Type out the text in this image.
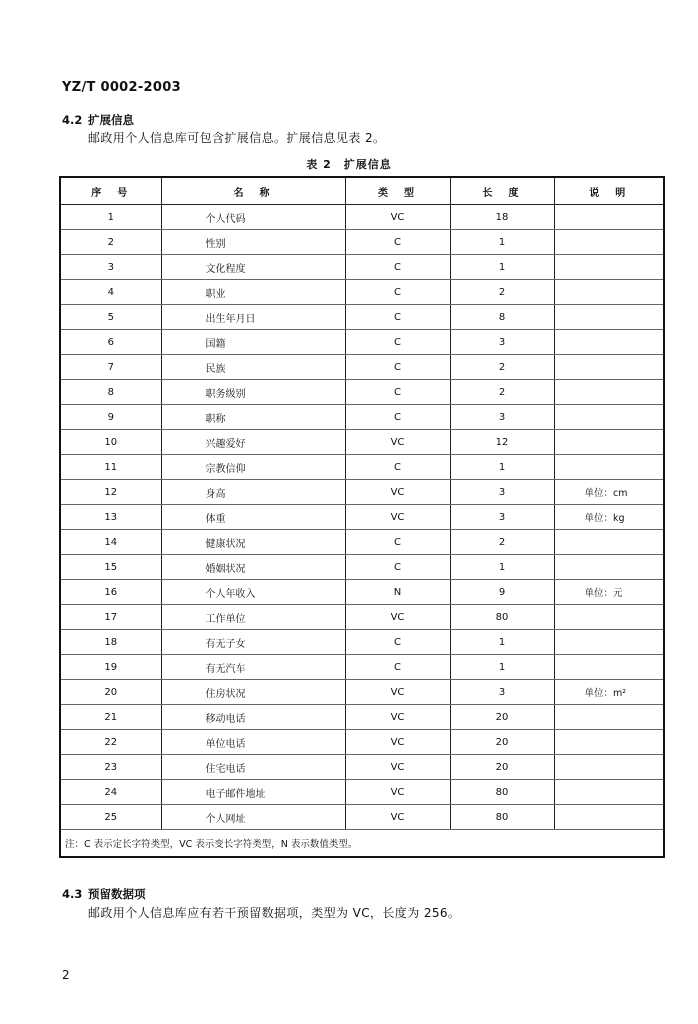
YZ/T 0002-2003
4.2 扩展信息
邮政用个人信息库可包含扩展信息。扩展信息见表 2。
表 2　扩展信息
序　号	名　称	类　型	长　度	说　明
1	个人代码	VC	18	
2	性别	C	1	
3	文化程度	C	1	
4	职业	C	2	
5	出生年月日	C	8	
6	国籍	C	3	
7	民族	C	2	
8	职务级别	C	2	
9	职称	C	3	
10	兴趣爱好	VC	12	
11	宗教信仰	C	1	
12	身高	VC	3	单位：cm
13	体重	VC	3	单位：kg
14	健康状况	C	2	
15	婚姻状况	C	1	
16	个人年收入	N	9	单位：元
17	工作单位	VC	80	
18	有无子女	C	1	
19	有无汽车	C	1	
20	住房状况	VC	3	单位：m²
21	移动电话	VC	20	
22	单位电话	VC	20	
23	住宅电话	VC	20	
24	电子邮件地址	VC	80	
25	个人网址	VC	80	
注：C 表示定长字符类型，VC 表示变长字符类型，N 表示数值类型。				
4.3 预留数据项
邮政用个人信息库应有若干预留数据项，类型为 VC，长度为 256。
2
